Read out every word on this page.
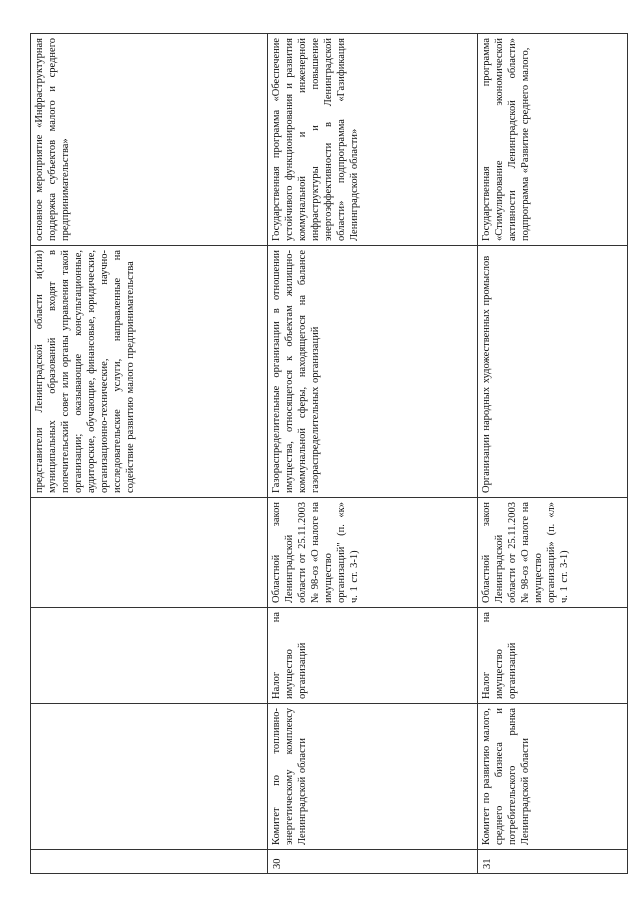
				представители Ленинградской области и(или) муниципальных образований входят в попечительский совет или органы управления такой организации; оказывающие консультационные, аудиторские, обучающие, финансовые, юридические, организационно-технические, научно-исследовательские услуги, направленные на содействие развитию малого предпринимательства	основное мероприятие «Инфраструктурная поддержка субъектов малого и среднего предпринимательства»
30	Комитет по топливно-энергетическому комплексу Ленинградской области	Налог на имущество организаций	Областной закон Ленинградской области от 25.11.2003 № 98-оз «О налоге на имущество организаций" (п. «к» ч. 1 ст. 3-1)	Газораспределительные организации в отношении имущества, относящегося к объектам жилищно-коммунальной сферы, находящегося на балансе газораспределительных организаций	Государственная программа «Обеспечение устойчивого функционирования и развития коммунальной и инженерной инфраструктуры и повышение энергоэффективности в Ленинградской области» подпрограмма «Газификация Ленинградской области»
31	Комитет по развитию малого, среднего бизнеса и потребительского рынка Ленинградской области	Налог на имущество организаций	Областной закон Ленинградской области от 25.11.2003 № 98-оз «О налоге на имущество организаций» (п. «л» ч. 1 ст. 3-1)	Организации народных художественных промыслов	Государственная программа «Стимулирование экономической активности Ленинградской области» подпрограмма «Развитие среднего малого,
